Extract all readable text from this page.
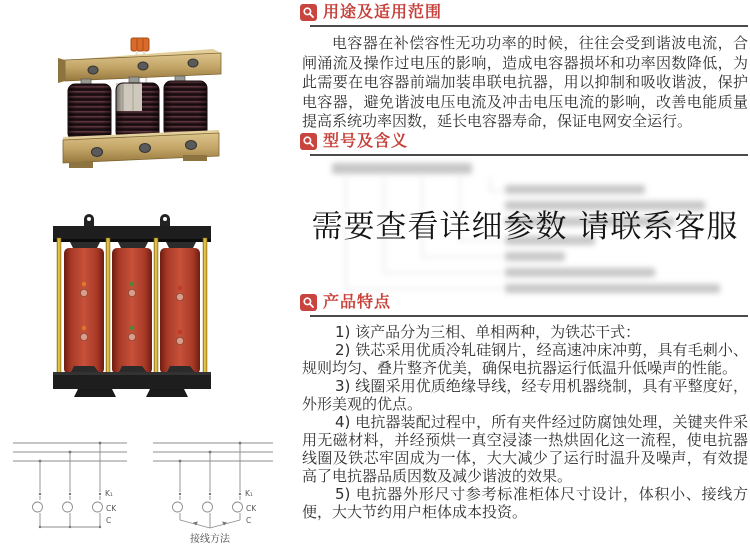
K₁
CK
C
K₁
CK
C
接线方法
用途及适用范围

电容器在补偿容性无功功率的时候，往往会受到谐波电流，合闸涌流及操作过电压的影响，造成电容器损坏和功率因数降低，为此需要在电容器前端加装串联电抗器，用以抑制和吸收谐波，保护电容器，避免谐波电压电流及冲击电压电流的影响，改善电能质量提高系统功率因数，延长电容器寿命，保证电网安全运行。

型号及含义
需要查看详细参数 请联系客服
产品特点

1) 该产品分为三相、单相两种，为铁芯干式：

2) 铁芯采用优质冷轧硅钢片，经高速冲床冲剪，具有毛刺小、规则均匀、叠片整齐优美，确保电抗器运行低温升低噪声的性能。

3) 线圈采用优质绝缘导线，经专用机器绕制，具有平整度好，外形美观的优点。

4) 电抗器装配过程中，所有夹件经过防腐蚀处理，关键夹件采用无磁材料，并经预烘一真空浸漆一热烘固化这一流程，使电抗器线圈及铁芯牢固成为一体，大大减少了运行时温升及噪声，有效提高了电抗器品质因数及减少谐波的效果。

5) 电抗器外形尺寸参考标准柜体尺寸设计，体积小、接线方便，大大节约用户柜体成本投资。
